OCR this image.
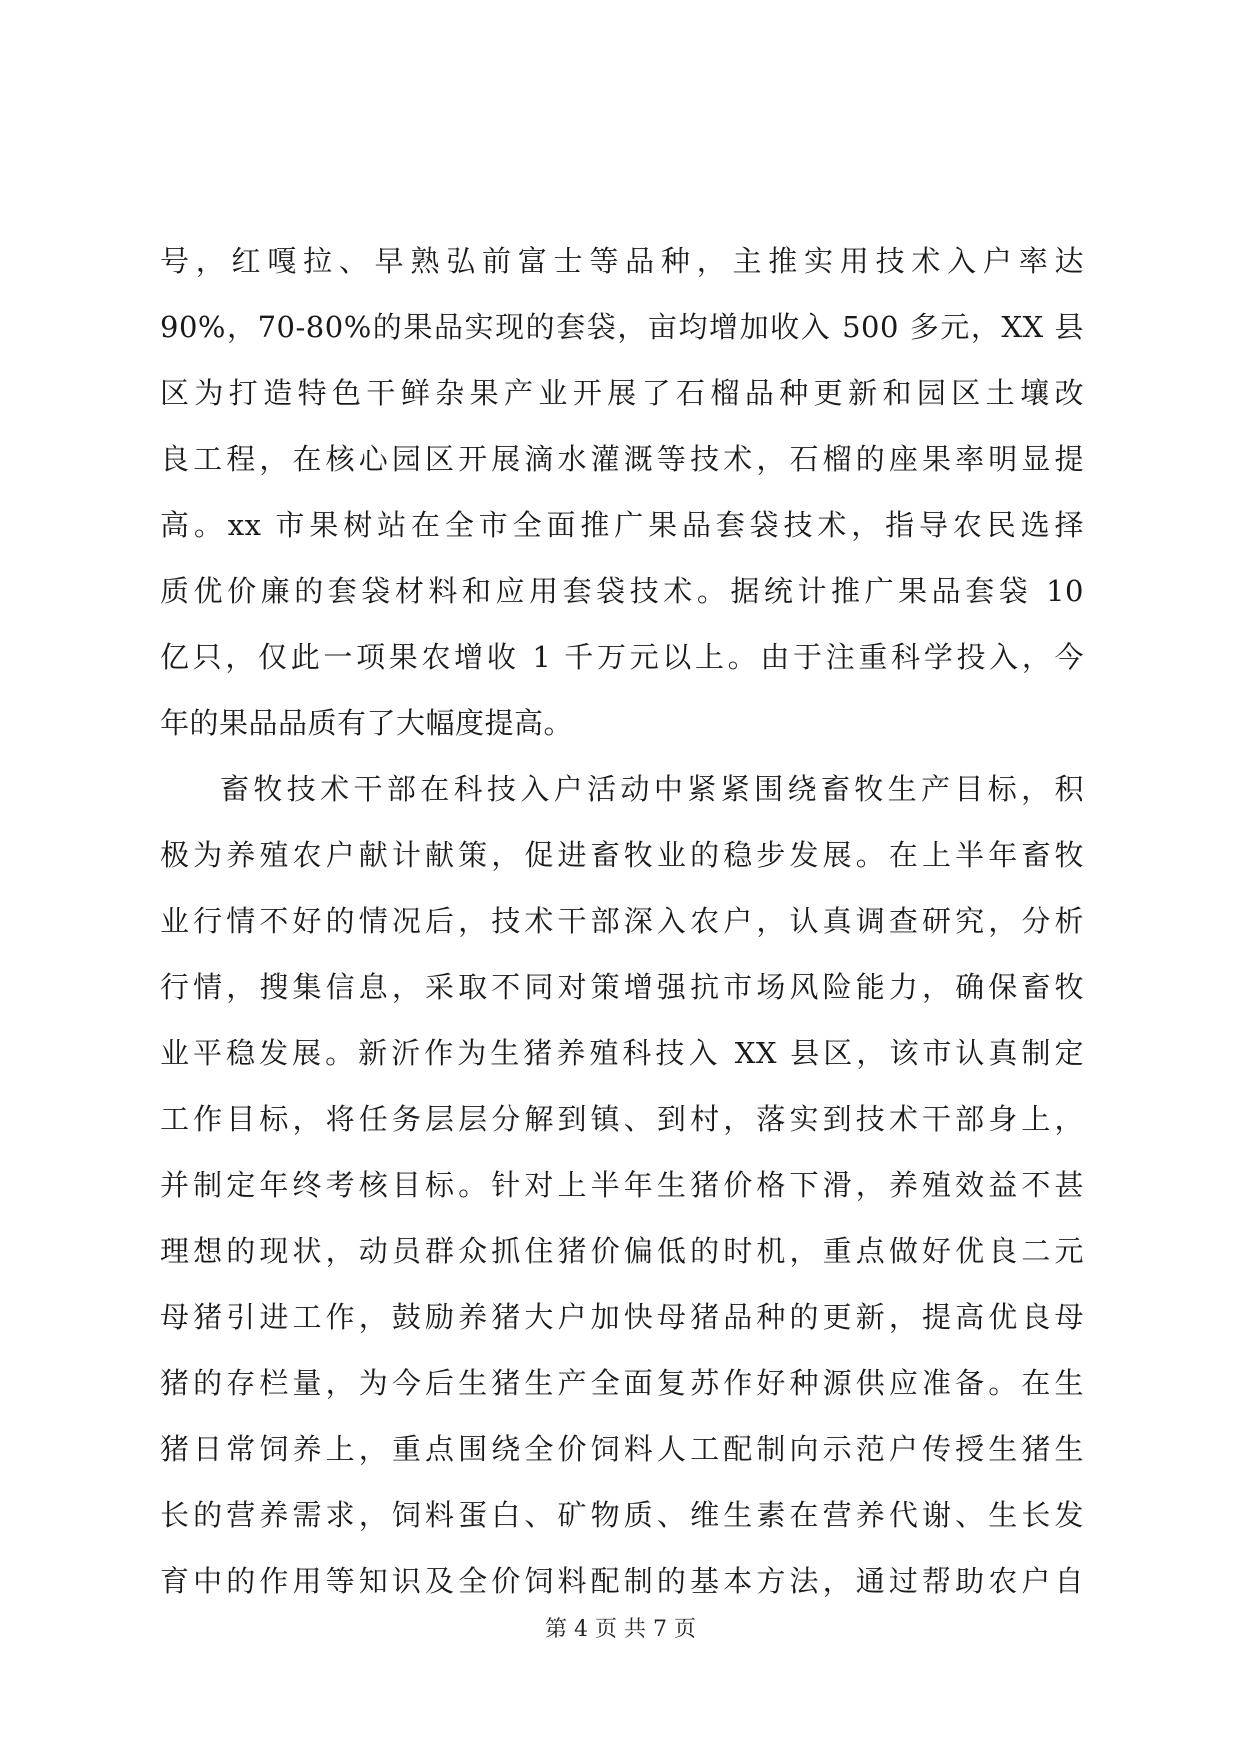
号，红嘎拉、早熟弘前富士等品种，主推实用技术入户率达
90%，70-80%的果品实现的套袋，亩均增加收入 500 多元，XX 县
区为打造特色干鲜杂果产业开展了石榴品种更新和园区土壤改
良工程，在核心园区开展滴水灌溉等技术，石榴的座果率明显提
高。xx 市果树站在全市全面推广果品套袋技术，指导农民选择
质优价廉的套袋材料和应用套袋技术。据统计推广果品套袋 10
亿只，仅此一项果农增收 1 千万元以上。由于注重科学投入，今
年的果品品质有了大幅度提高。
畜牧技术干部在科技入户活动中紧紧围绕畜牧生产目标，积
极为养殖农户献计献策，促进畜牧业的稳步发展。在上半年畜牧
业行情不好的情况后，技术干部深入农户，认真调查研究，分析
行情，搜集信息，采取不同对策增强抗市场风险能力，确保畜牧
业平稳发展。新沂作为生猪养殖科技入 XX 县区，该市认真制定
工作目标，将任务层层分解到镇、到村，落实到技术干部身上，
并制定年终考核目标。针对上半年生猪价格下滑，养殖效益不甚
理想的现状，动员群众抓住猪价偏低的时机，重点做好优良二元
母猪引进工作，鼓励养猪大户加快母猪品种的更新，提高优良母
猪的存栏量，为今后生猪生产全面复苏作好种源供应准备。在生
猪日常饲养上，重点围绕全价饲料人工配制向示范户传授生猪生
长的营养需求，饲料蛋白、矿物质、维生素在营养代谢、生长发
育中的作用等知识及全价饲料配制的基本方法，通过帮助农户自
第 4 页 共 7 页
